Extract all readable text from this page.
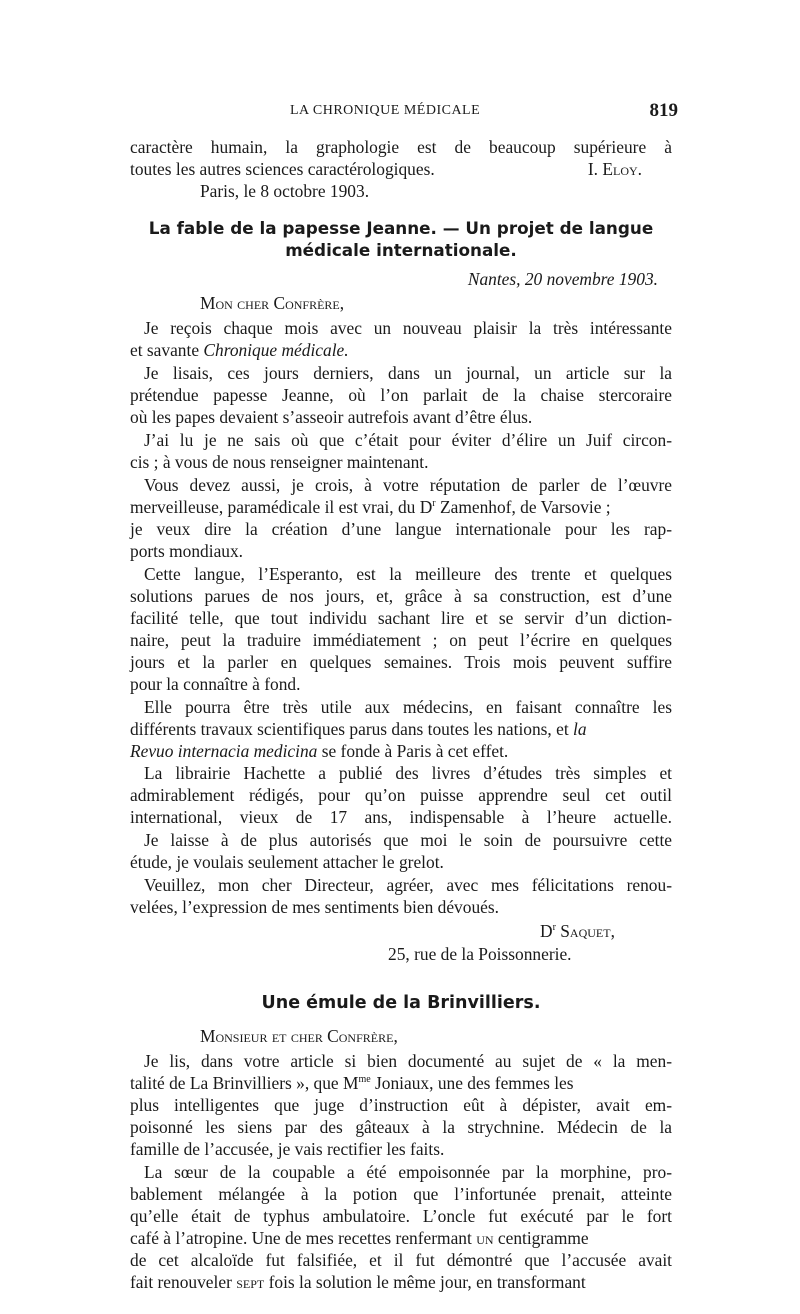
LA CHRONIQUE MÉDICALE	819
caractère humain, la graphologie est de beaucoup supérieure à
toutes les autres sciences caractérologiques.	I. Eloy.
Paris, le 8 octobre 1903.
La fable de la papesse Jeanne. — Un projet de langue
médicale internationale.
Nantes, 20 novembre 1903.
Mon cher Confrère,
Je reçois chaque mois avec un nouveau plaisir la très intéressante
et savante Chronique médicale.
Je lisais, ces jours derniers, dans un journal, un article sur la
prétendue papesse Jeanne, où l’on parlait de la chaise stercoraire
où les papes devaient s’asseoir autrefois avant d’être élus.
J’ai lu je ne sais où que c’était pour éviter d’élire un Juif circon-
cis ; à vous de nous renseigner maintenant.
Vous devez aussi, je crois, à votre réputation de parler de l’œuvre
merveilleuse, paramédicale il est vrai, du $D^r$ Zamenhof, de Varsovie ;
je veux dire la création d’une langue internationale pour les rap-
ports mondiaux.
Cette langue, l’Esperanto, est la meilleure des trente et quelques
solutions parues de nos jours, et, grâce à sa construction, est d’une
facilité telle, que tout individu sachant lire et se servir d’un diction-
naire, peut la traduire immédiatement ; on peut l’écrire en quelques
jours et la parler en quelques semaines. Trois mois peuvent suffire
pour la connaître à fond.
Elle pourra être très utile aux médecins, en faisant connaître les
différents travaux scientifiques parus dans toutes les nations, et la
Revuo internacia medicina se fonde à Paris à cet effet.
La librairie Hachette a publié des livres d’études très simples et
admirablement rédigés, pour qu’on puisse apprendre seul cet outil
international, vieux de 17 ans, indispensable à l’heure actuelle.
Je laisse à de plus autorisés que moi le soin de poursuivre cette
étude, je voulais seulement attacher le grelot.
Veuillez, mon cher Directeur, agréer, avec mes félicitations renou-
velées, l’expression de mes sentiments bien dévoués.
$D^r$ Saquet,
25, rue de la Poissonnerie.
Une émule de la Brinvilliers.
Monsieur et cher Confrère,
Je lis, dans votre article si bien documenté au sujet de « la men-
talité de La Brinvilliers », que $M^{me}$ Joniaux, une des femmes les
plus intelligentes que juge d’instruction eût à dépister, avait em-
poisonné les siens par des gâteaux à la strychnine. Médecin de la
famille de l’accusée, je vais rectifier les faits.
La sœur de la coupable a été empoisonnée par la morphine, pro-
bablement mélangée à la potion que l’infortunée prenait, atteinte
qu’elle était de typhus ambulatoire. L’oncle fut exécuté par le fort
café à l’atropine. Une de mes recettes renfermant un centigramme
de cet alcaloïde fut falsifiée, et il fut démontré que l’accusée avait
fait renouveler sept fois la solution le même jour, en transformant
